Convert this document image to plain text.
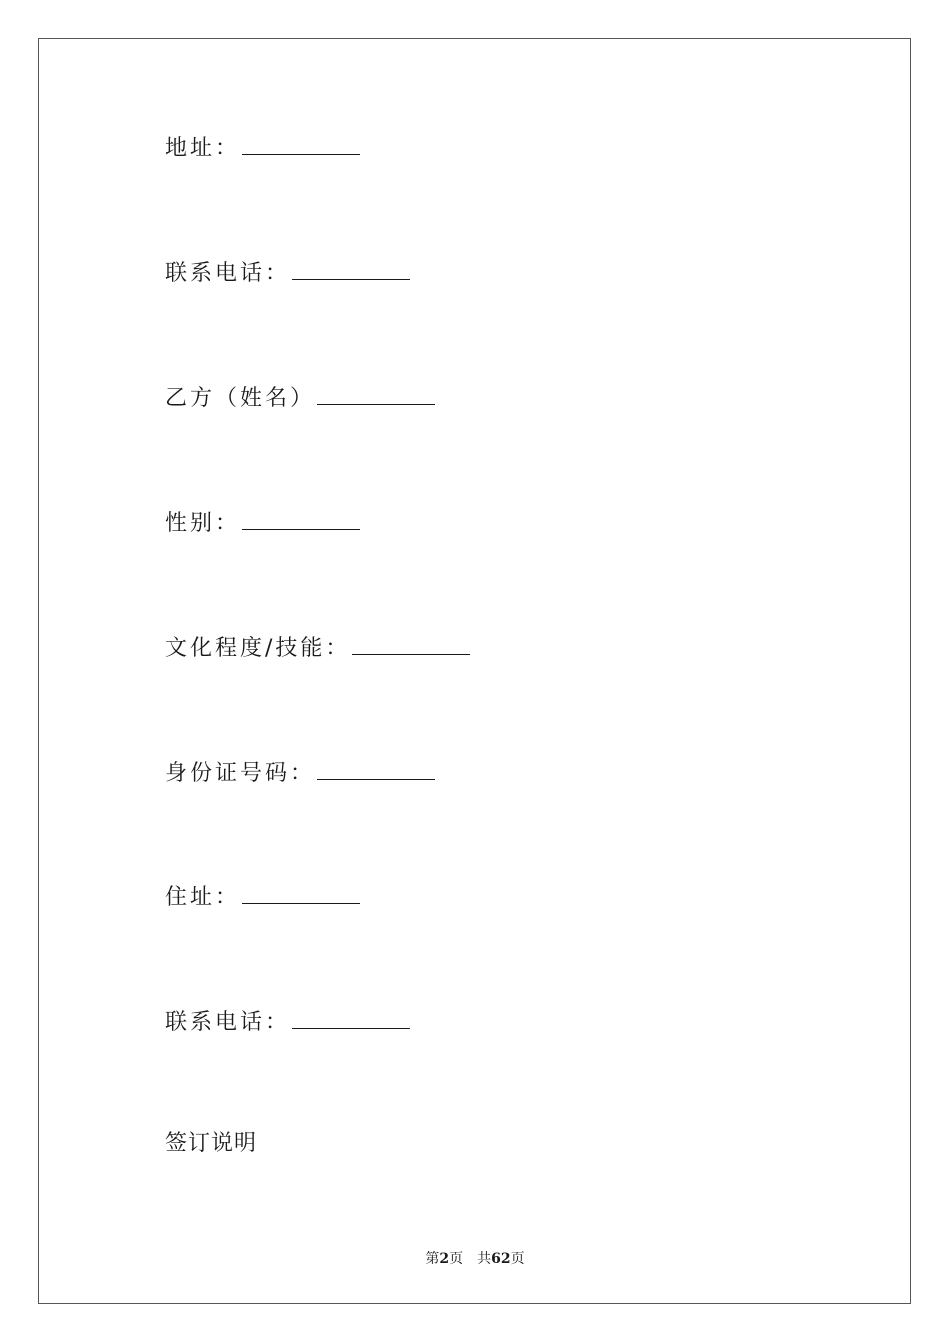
地址：
联系电话：
乙方（姓名）
性别：
文化程度/技能：
身份证号码：
住址：
联系电话：
签订说明
第2页 共62页
